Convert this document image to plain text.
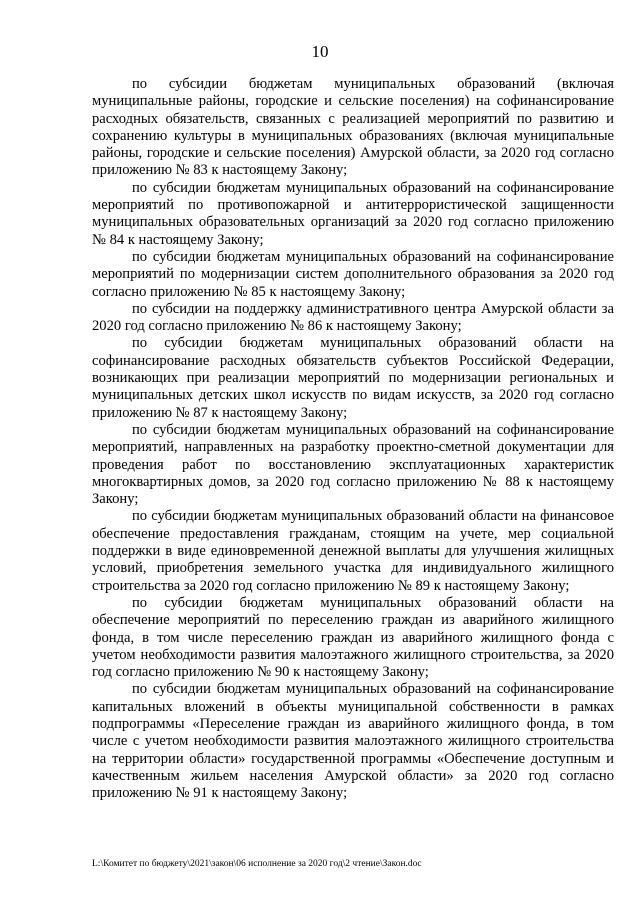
10

по субсидии бюджетам муниципальных образований (включая муниципальные районы, городские и сельские поселения) на софинансирование расходных обязательств, связанных с реализацией мероприятий по развитию и сохранению культуры в муниципальных образованиях (включая муниципальные районы, городские и сельские поселения) Амурской области, за 2020 год согласно приложению № 83 к настоящему Закону;

по субсидии бюджетам муниципальных образований на софинансирование мероприятий по противопожарной и антитеррористической защищенности муниципальных образовательных организаций за 2020 год согласно приложению № 84 к настоящему Закону;

по субсидии бюджетам муниципальных образований на софинансирование мероприятий по модернизации систем дополнительного образования за 2020 год согласно приложению № 85 к настоящему Закону;

по субсидии на поддержку административного центра Амурской области за 2020 год согласно приложению № 86 к настоящему Закону;

по субсидии бюджетам муниципальных образований области на софинансирование расходных обязательств субъектов Российской Федерации, возникающих при реализации мероприятий по модернизации региональных и муниципальных детских школ искусств по видам искусств, за 2020 год согласно приложению № 87 к настоящему Закону;

по субсидии бюджетам муниципальных образований на софинансирование мероприятий, направленных на разработку проектно-сметной документации для проведения работ по восстановлению эксплуатационных характеристик многоквартирных домов, за 2020 год согласно приложению № 88 к настоящему Закону;

по субсидии бюджетам муниципальных образований области на финансовое обеспечение предоставления гражданам, стоящим на учете, мер социальной поддержки в виде единовременной денежной выплаты для улучшения жилищных условий, приобретения земельного участка для индивидуального жилищного строительства за 2020 год согласно приложению № 89 к настоящему Закону;

по субсидии бюджетам муниципальных образований области на обеспечение мероприятий по переселению граждан из аварийного жилищного фонда, в том числе переселению граждан из аварийного жилищного фонда с учетом необходимости развития малоэтажного жилищного строительства, за 2020 год согласно приложению № 90 к настоящему Закону;

по субсидии бюджетам муниципальных образований на софинансирование капитальных вложений в объекты муниципальной собственности в рамках подпрограммы «Переселение граждан из аварийного жилищного фонда, в том числе с учетом необходимости развития малоэтажного жилищного строительства на территории области» государственной программы «Обеспечение доступным и качественным жильем населения Амурской области» за 2020 год согласно приложению № 91 к настоящему Закону;

L:\Комитет по бюджету\2021\закон\06 исполнение за 2020 год\2 чтение\Закон.doc
